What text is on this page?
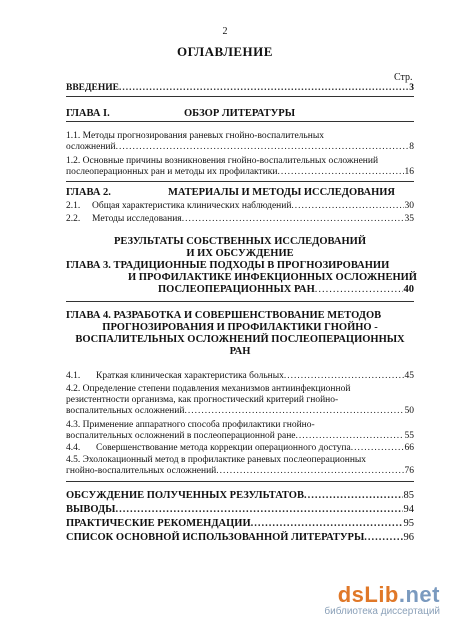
2
ОГЛАВЛЕНИЕ
Стр.
ВВЕДЕНИЕ .....	3
ГЛАВА I.	ОБЗОР ЛИТЕРАТУРЫ
1.1. Методы прогнозирования раневых гнойно-воспалительных
осложнений .....	8
1.2. Основные причины возникновения гнойно-воспалительных осложнений
послеоперационных ран и методы их профилактики .....	16
ГЛАВА 2.	МАТЕРИАЛЫ И МЕТОДЫ ИССЛЕДОВАНИЯ
2.1.	Общая характеристика клинических наблюдений .....	30
2.2.	Методы исследования .....	35
РЕЗУЛЬТАТЫ СОБСТВЕННЫХ ИССЛЕДОВАНИЙ
И ИХ ОБСУЖДЕНИЕ
ГЛАВА 3. ТРАДИЦИОННЫЕ ПОДХОДЫ В ПРОГНОЗИРОВАНИИ
И ПРОФИЛАКТИКЕ ИНФЕКЦИОННЫХ ОСЛОЖНЕНИЙ
ПОСЛЕОПЕРАЦИОННЫХ РАН .....	40
ГЛАВА 4. РАЗРАБОТКА И СОВЕРШЕНСТВОВАНИЕ МЕТОДОВ
ПРОГНОЗИРОВАНИЯ И ПРОФИЛАКТИКИ ГНОЙНО -
ВОСПАЛИТЕЛЬНЫХ ОСЛОЖНЕНИЙ ПОСЛЕОПЕРАЦИОННЫХ
РАН
4.1.	Краткая клиническая характеристика больных .....	45
4.2. Определение степени подавления механизмов антиинфекционной
резистентности организма, как прогностический критерий гнойно-
воспалительных осложнений .....	50
4.3. Применение аппаратного способа профилактики гнойно-
воспалительных осложнений в послеоперационной ране .....	55
4.4.	Совершенствование метода коррекции операционного доступа .....	66
4.5. Эхолокационный метод в профилактике раневых послеоперационных
гнойно-воспалительных осложнений .....	76
ОБСУЖДЕНИЕ ПОЛУЧЕННЫХ РЕЗУЛЬТАТОВ .....	85
ВЫВОДЫ .....	94
ПРАКТИЧЕСКИЕ РЕКОМЕНДАЦИИ .....	95
СПИСОК ОСНОВНОЙ ИСПОЛЬЗОВАННОЙ ЛИТЕРАТУРЫ .....	96
dsLib.net
библиотека диссертаций
